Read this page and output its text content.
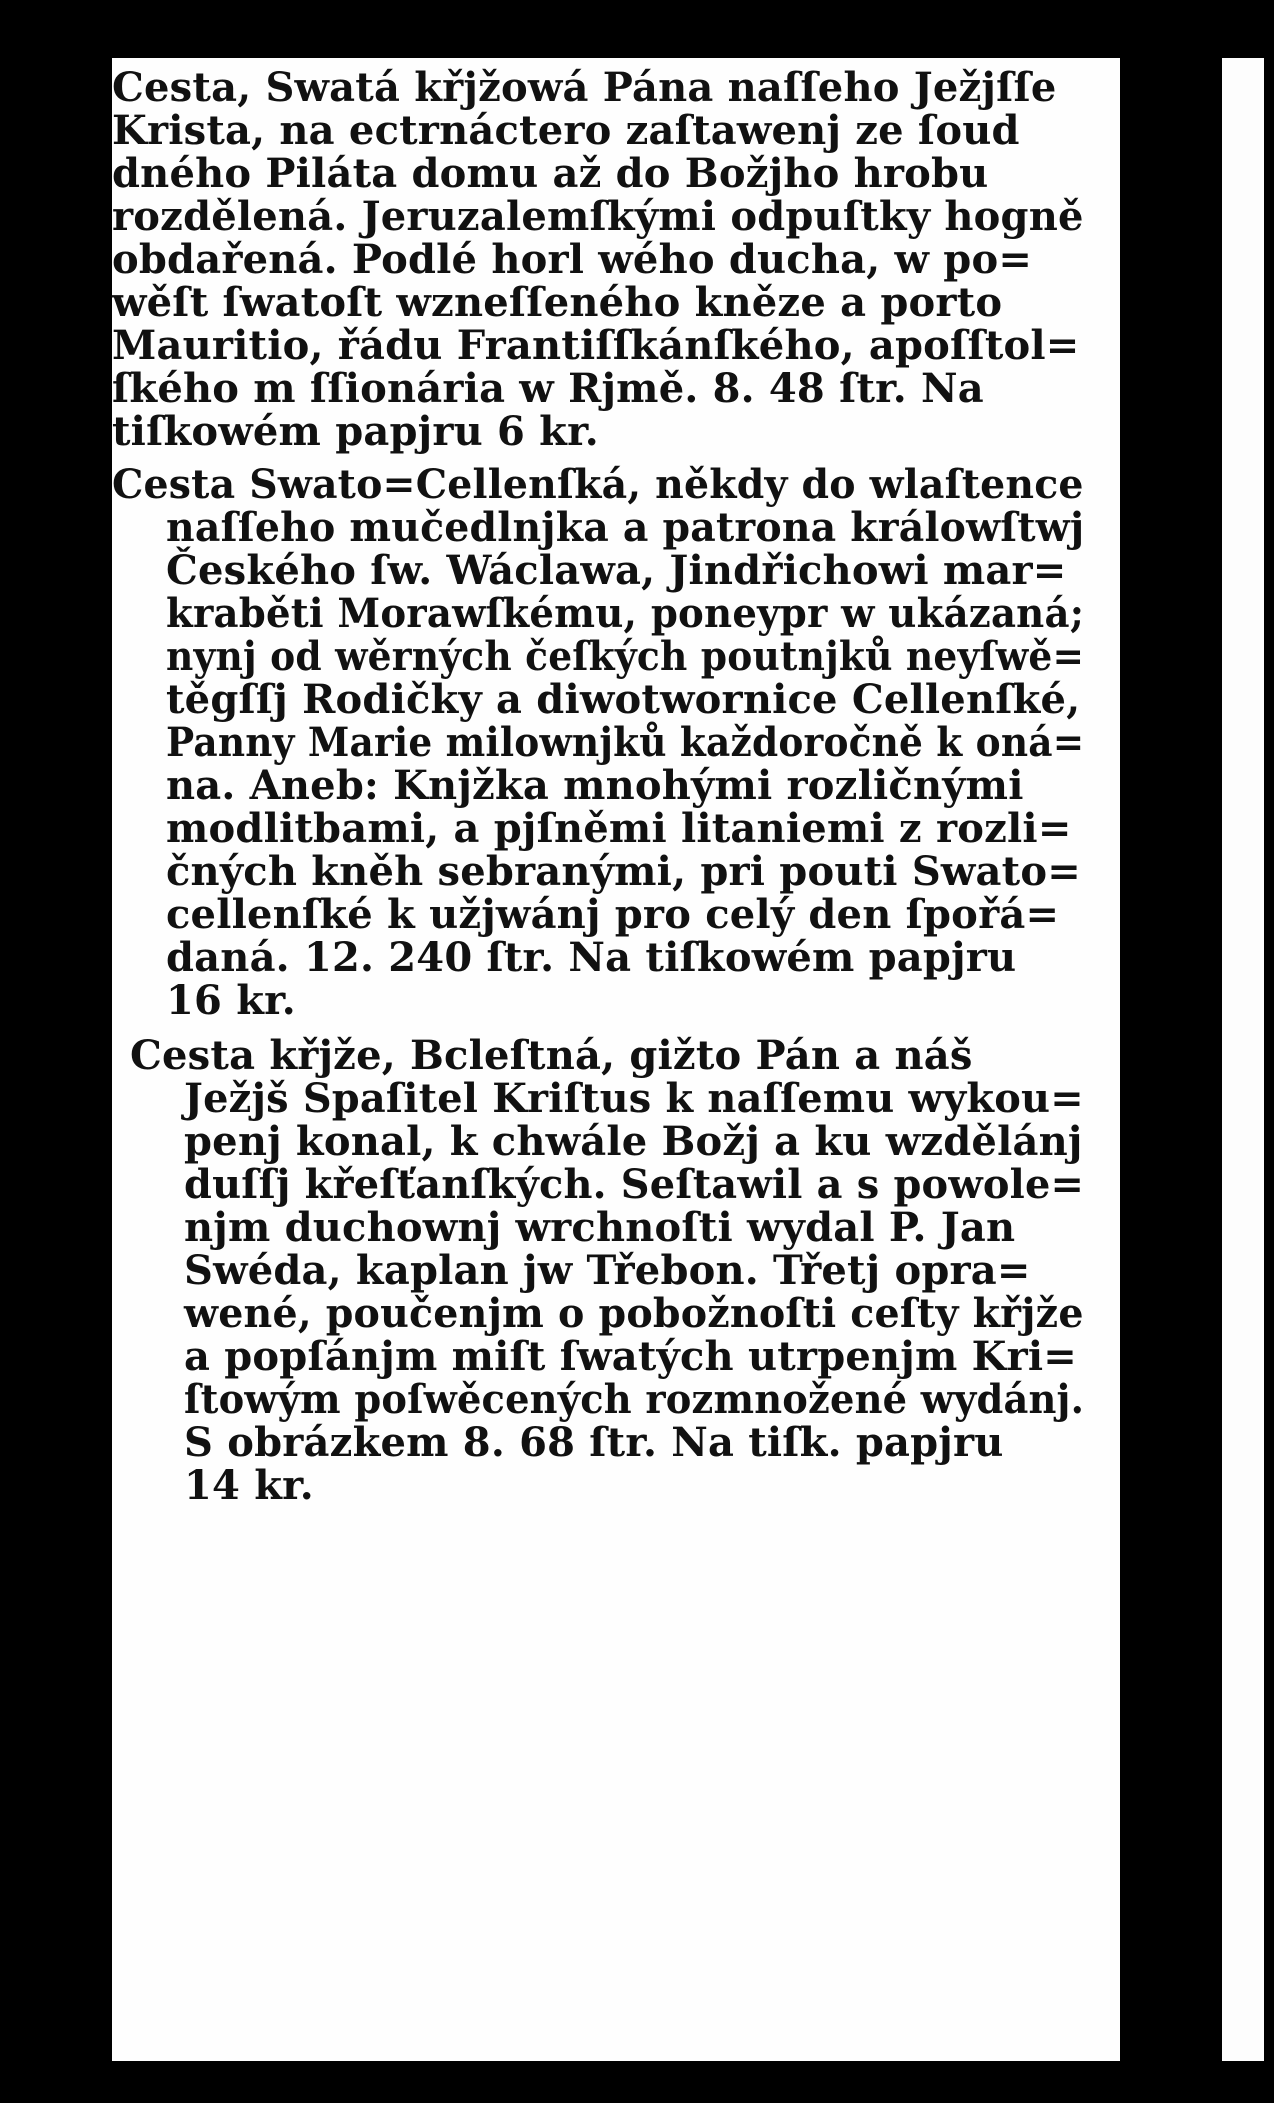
Cesta, Swatá křjžowá Pána naſſeho Ježjſſe
Krista, na ectrnáctero zaſtawenj ze ſoud
dného Piláta domu až do Božjho hrobu
rozdělená. Jeruzalemſkými odpuſtky hogně
obdařená. Podlé horl wého ducha, w po=
wěſt ſwatoſt wzneſſeného kněze a porto
Mauritio, řádu Frantiſſkánſkého, apoſſtol=
ſkého m ſſionária w Rjmě. 8. 48 ſtr. Na
tiſkowém papjru 6 kr.
Cesta Swato=Cellenſká, někdy do wlaſtence
naſſeho mučedlnjka a patrona králowſtwj
Českého ſw. Wáclawa, Jindřichowi mar=
kraběti Morawſkému, poneypr w ukázaná;
nynj od wěrných čeſkých poutnjků neyſwě=
těgſſj Rodičky a diwotwornice Cellenſké,
Panny Marie milownjků každoročně k oná=
na. Aneb: Knjžka mnohými rozličnými
modlitbami, a pjſněmi litaniemi z rozli=
čných kněh sebranými, pri pouti Swato=
cellenſké k užjwánj pro celý den ſpořá=
daná. 12. 240 ſtr. Na tiſkowém papjru
16 kr.
Cesta křjže, Bcleſtná, gižto Pán a náš
Ježjš Spaſitel Kriſtus k naſſemu wykou=
penj konal, k chwále Božj a ku wzdělánj
duſſj křeſťanſkých. Seſtawil a s powole=
njm duchownj wrchnoſti wydal P. Jan
Swéda, kaplan jw Třebon. Třetj opra=
wené, poučenjm o pobožnoſti ceſty křjže
a popſánjm miſt ſwatých utrpenjm Kri=
ſtowým poſwěcených rozmnožené wydánj.
S obrázkem 8. 68 ſtr. Na tiſk. papjru
14 kr.
